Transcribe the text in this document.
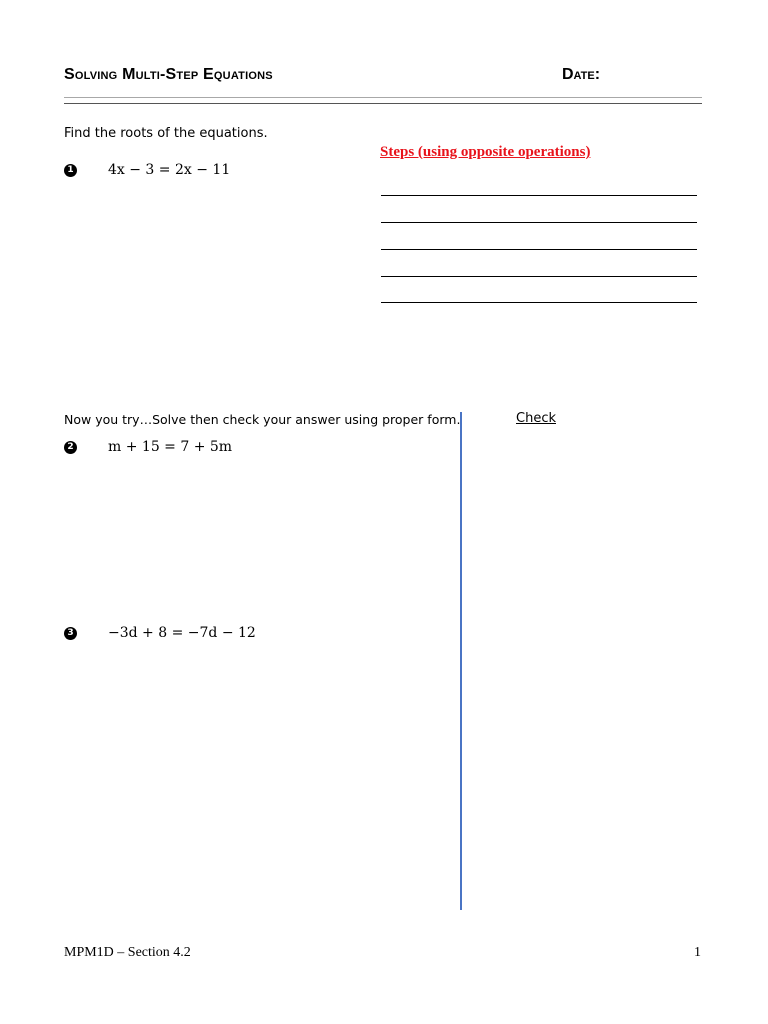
Solving Multi-Step Equations	Date:
Find the roots of the equations.
Steps (using opposite operations)
1 4x − 3 = 2x − 11
Now you try…Solve then check your answer using proper form.	Check
2 m + 15 = 7 + 5m
3 −3d + 8 = −7d − 12
MPM1D – Section 4.2	1
